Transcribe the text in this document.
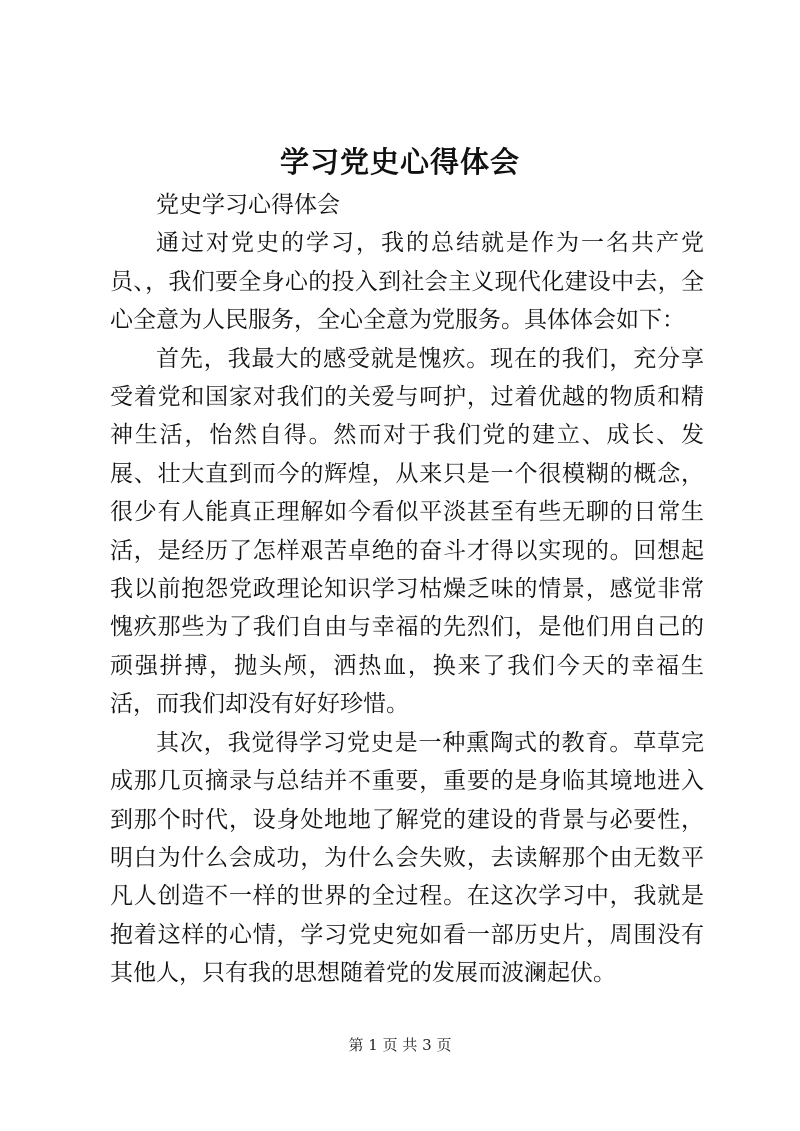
学习党史心得体会

党史学习心得体会

通过对党史的学习，我的总结就是作为一名共产党员、，我们要全身心的投入到社会主义现代化建设中去，全心全意为人民服务，全心全意为党服务。具体体会如下：

首先，我最大的感受就是愧疚。现在的我们，充分享受着党和国家对我们的关爱与呵护，过着优越的物质和精神生活，怡然自得。然而对于我们党的建立、成长、发展、壮大直到而今的辉煌，从来只是一个很模糊的概念，很少有人能真正理解如今看似平淡甚至有些无聊的日常生活，是经历了怎样艰苦卓绝的奋斗才得以实现的。回想起我以前抱怨党政理论知识学习枯燥乏味的情景，感觉非常愧疚那些为了我们自由与幸福的先烈们，是他们用自己的顽强拼搏，抛头颅，洒热血，换来了我们今天的幸福生活，而我们却没有好好珍惜。

其次，我觉得学习党史是一种熏陶式的教育。草草完成那几页摘录与总结并不重要，重要的是身临其境地进入到那个时代，设身处地地了解党的建设的背景与必要性，明白为什么会成功，为什么会失败，去读解那个由无数平凡人创造不一样的世界的全过程。在这次学习中，我就是抱着这样的心情，学习党史宛如看一部历史片，周围没有其他人，只有我的思想随着党的发展而波澜起伏。

第 1 页 共 3 页
